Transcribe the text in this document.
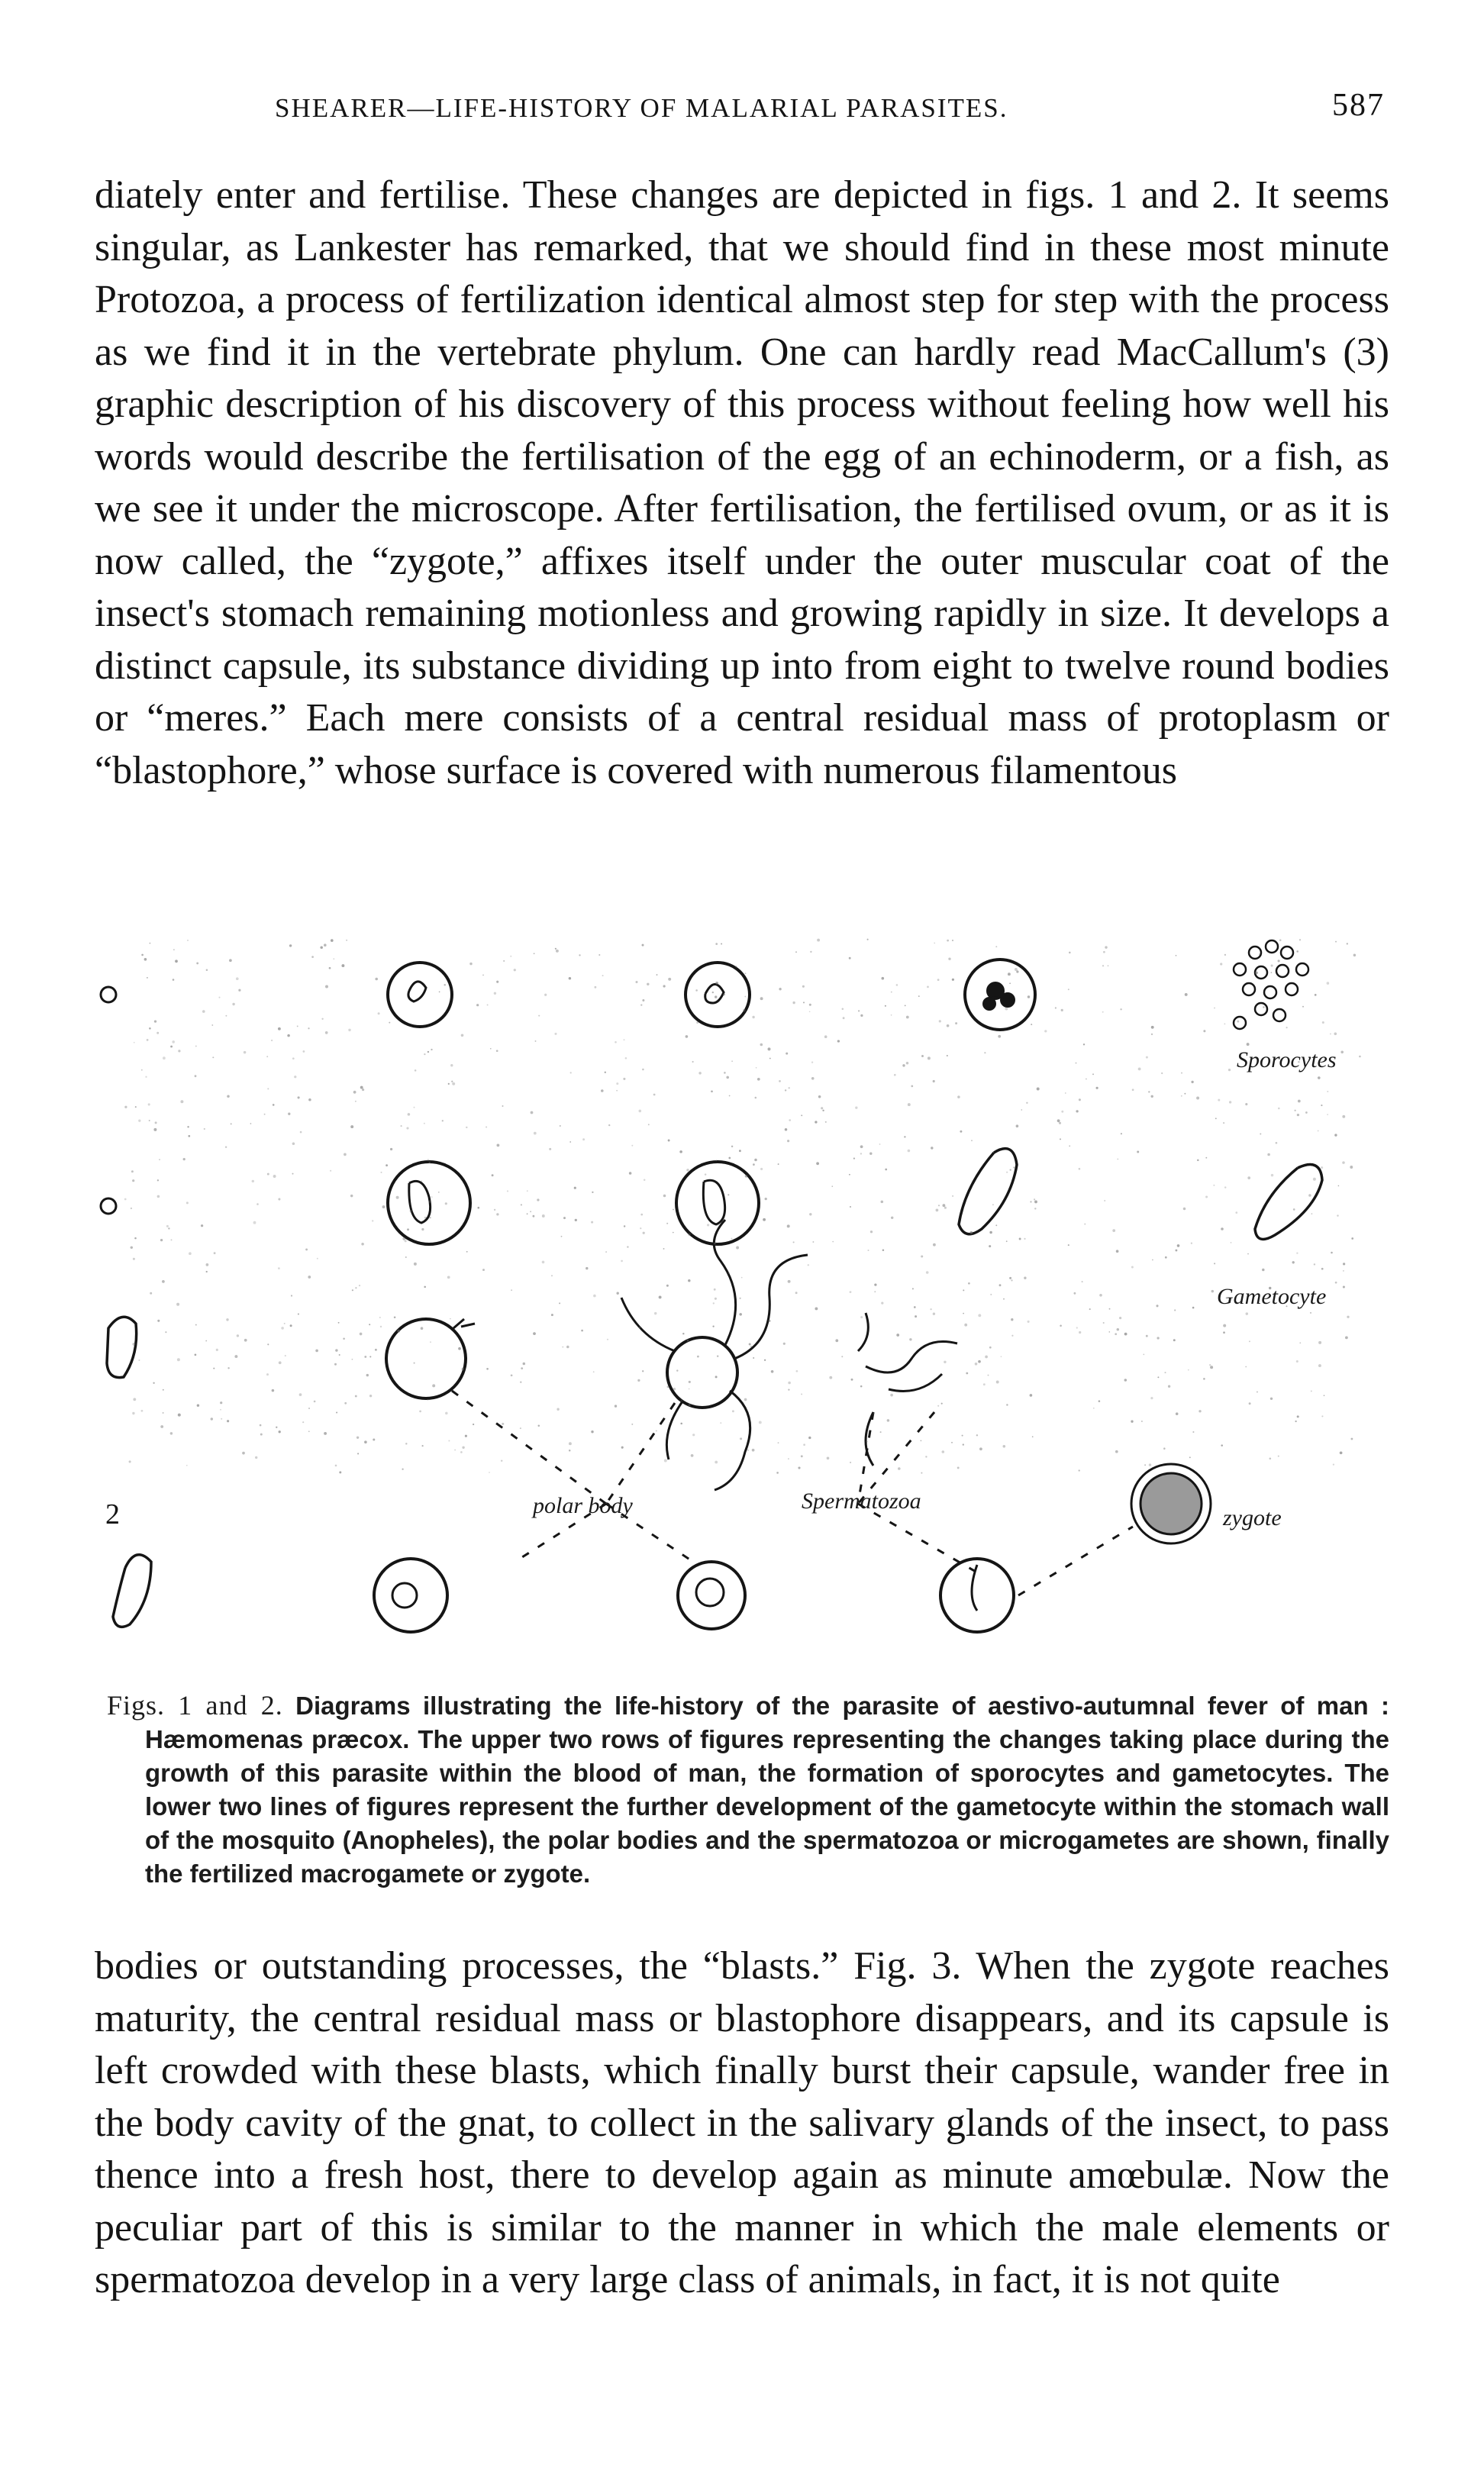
SHEARER—LIFE-HISTORY OF MALARIAL PARASITES.	587

diately enter and fertilise. These changes are depicted in figs. 1 and 2. It seems singular, as Lankester has remarked, that we should find in these most minute Protozoa, a process of fertilization identical almost step for step with the process as we find it in the vertebrate phylum. One can hardly read MacCallum's (3) graphic description of his discovery of this process without feeling how well his words would describe the fertilisation of the egg of an echinoderm, or a fish, as we see it under the microscope. After fertilisation, the fertilised ovum, or as it is now called, the “zygote,” affixes itself under the outer muscular coat of the insect's stomach remaining motionless and growing rapidly in size. It develops a distinct capsule, its substance dividing up into from eight to twelve round bodies or “meres.” Each mere consists of a central residual mass of protoplasm or “blastophore,” whose surface is covered with numerous filamentous

Sporocytes
Gametocyte
polar body	Spermatozoa
zygote
2

Figs. 1 and 2. Diagrams illustrating the life-history of the parasite of aestivo-autumnal fever of man : Hæmomenas præcox. The upper two rows of figures representing the changes taking place during the growth of this parasite within the blood of man, the formation of sporocytes and gametocytes. The lower two lines of figures represent the further development of the gametocyte within the stomach wall of the mosquito (Anopheles), the polar bodies and the spermatozoa or microgametes are shown, finally the fertilized macrogamete or zygote.

bodies or outstanding processes, the “blasts.” Fig. 3. When the zygote reaches maturity, the central residual mass or blastophore disappears, and its capsule is left crowded with these blasts, which finally burst their capsule, wander free in the body cavity of the gnat, to collect in the salivary glands of the insect, to pass thence into a fresh host, there to develop again as minute amœbulæ. Now the peculiar part of this is similar to the manner in which the male elements or spermatozoa develop in a very large class of animals, in fact, it is not quite
